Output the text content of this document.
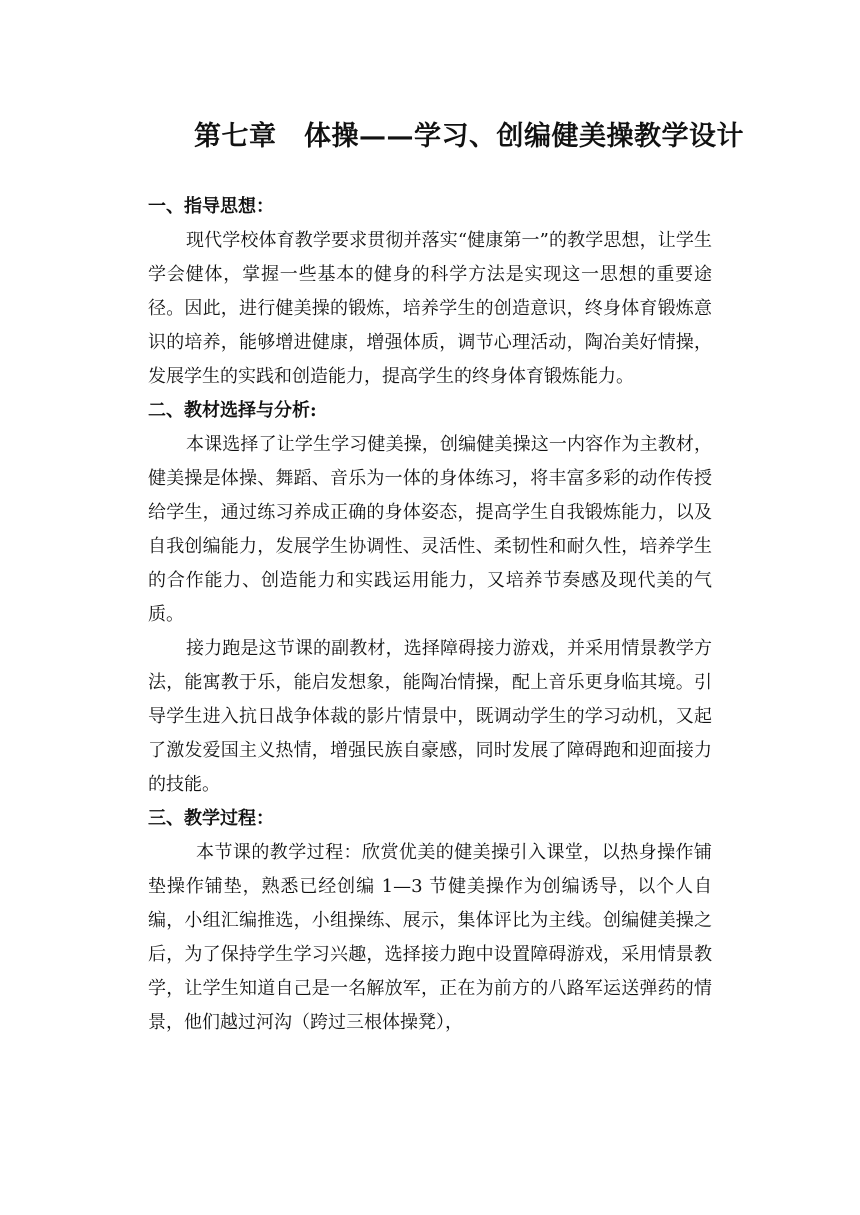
第七章　体操——学习、创编健美操教学设计
一、指导思想：

现代学校体育教学要求贯彻并落实“健康第一”的教学思想，让学生学会健体，掌握一些基本的健身的科学方法是实现这一思想的重要途径。因此，进行健美操的锻炼，培养学生的创造意识，终身体育锻炼意识的培养，能够增进健康，增强体质，调节心理活动，陶冶美好情操，发展学生的实践和创造能力，提高学生的终身体育锻炼能力。

二、教材选择与分析:

本课选择了让学生学习健美操，创编健美操这一内容作为主教材，健美操是体操、舞蹈、音乐为一体的身体练习，将丰富多彩的动作传授给学生，通过练习养成正确的身体姿态，提高学生自我锻炼能力，以及自我创编能力，发展学生协调性、灵活性、柔韧性和耐久性，培养学生的合作能力、创造能力和实践运用能力，又培养节奏感及现代美的气质。

接力跑是这节课的副教材，选择障碍接力游戏，并采用情景教学方法，能寓教于乐，能启发想象，能陶冶情操，配上音乐更身临其境。引导学生进入抗日战争体裁的影片情景中，既调动学生的学习动机，又起了激发爱国主义热情，增强民族自豪感，同时发展了障碍跑和迎面接力的技能。

三、教学过程：

本节课的教学过程：欣赏优美的健美操引入课堂，以热身操作铺垫操作铺垫，熟悉已经创编 1—3 节健美操作为创编诱导，以个人自编，小组汇编推选，小组操练、展示，集体评比为主线。创编健美操之后，为了保持学生学习兴趣，选择接力跑中设置障碍游戏，采用情景教学，让学生知道自己是一名解放军，正在为前方的八路军运送弹药的情景，他们越过河沟（跨过三根体操凳），
